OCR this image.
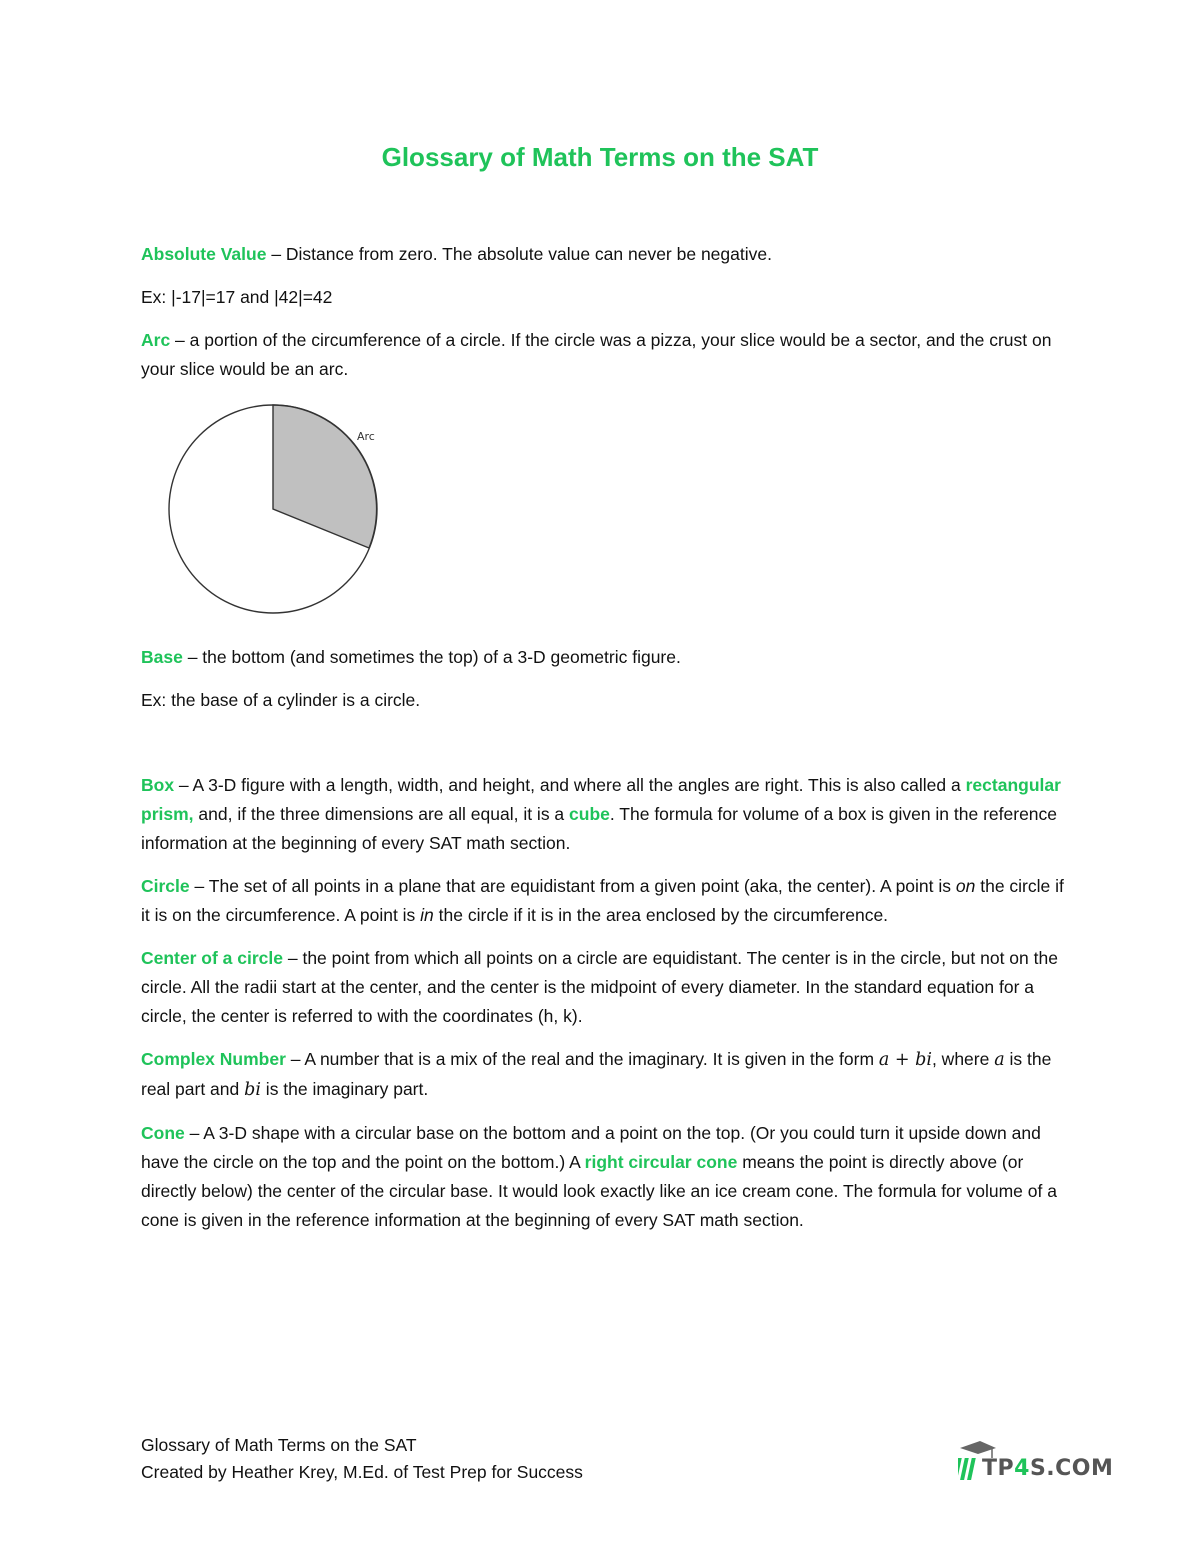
Glossary of Math Terms on the SAT

Absolute Value – Distance from zero. The absolute value can never be negative.

Ex: |-17|=17 and |42|=42

Arc – a portion of the circumference of a circle. If the circle was a pizza, your slice would be a sector, and the crust on your slice would be an arc.

Arc

Base – the bottom (and sometimes the top) of a 3-D geometric figure.

Ex: the base of a cylinder is a circle.

Box – A 3-D figure with a length, width, and height, and where all the angles are right. This is also called a rectangular prism, and, if the three dimensions are all equal, it is a cube. The formula for volume of a box is given in the reference information at the beginning of every SAT math section.

Circle – The set of all points in a plane that are equidistant from a given point (aka, the center). A point is on the circle if it is on the circumference. A point is in the circle if it is in the area enclosed by the circumference.

Center of a circle – the point from which all points on a circle are equidistant. The center is in the circle, but not on the circle. All the radii start at the center, and the center is the midpoint of every diameter. In the standard equation for a circle, the center is referred to with the coordinates (h, k).

Complex Number – A number that is a mix of the real and the imaginary. It is given in the form a + bi, where a is the real part and bi is the imaginary part.

Cone – A 3-D shape with a circular base on the bottom and a point on the top. (Or you could turn it upside down and have the circle on the top and the point on the bottom.) A right circular cone means the point is directly above (or directly below) the center of the circular base. It would look exactly like an ice cream cone. The formula for volume of a cone is given in the reference information at the beginning of every SAT math section.

Glossary of Math Terms on the SAT
Created by Heather Krey, M.Ed. of Test Prep for Success	TP4S.COM
